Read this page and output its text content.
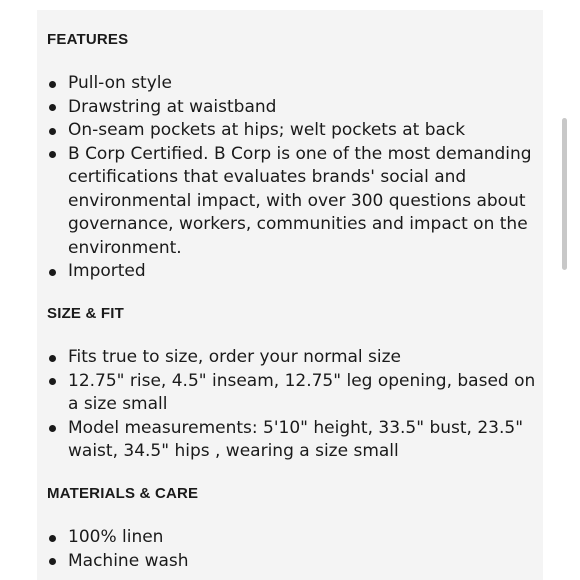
FEATURES
Pull-on style
Drawstring at waistband
On-seam pockets at hips; welt pockets at back
B Corp Certified. B Corp is one of the most demanding certifications that evaluates brands' social and environmental impact, with over 300 questions about governance, workers, communities and impact on the environment.
Imported
SIZE & FIT
Fits true to size, order your normal size
12.75" rise, 4.5" inseam, 12.75" leg opening, based on a size small
Model measurements: 5'10" height, 33.5" bust, 23.5" waist, 34.5" hips , wearing a size small
MATERIALS & CARE
100% linen
Machine wash
